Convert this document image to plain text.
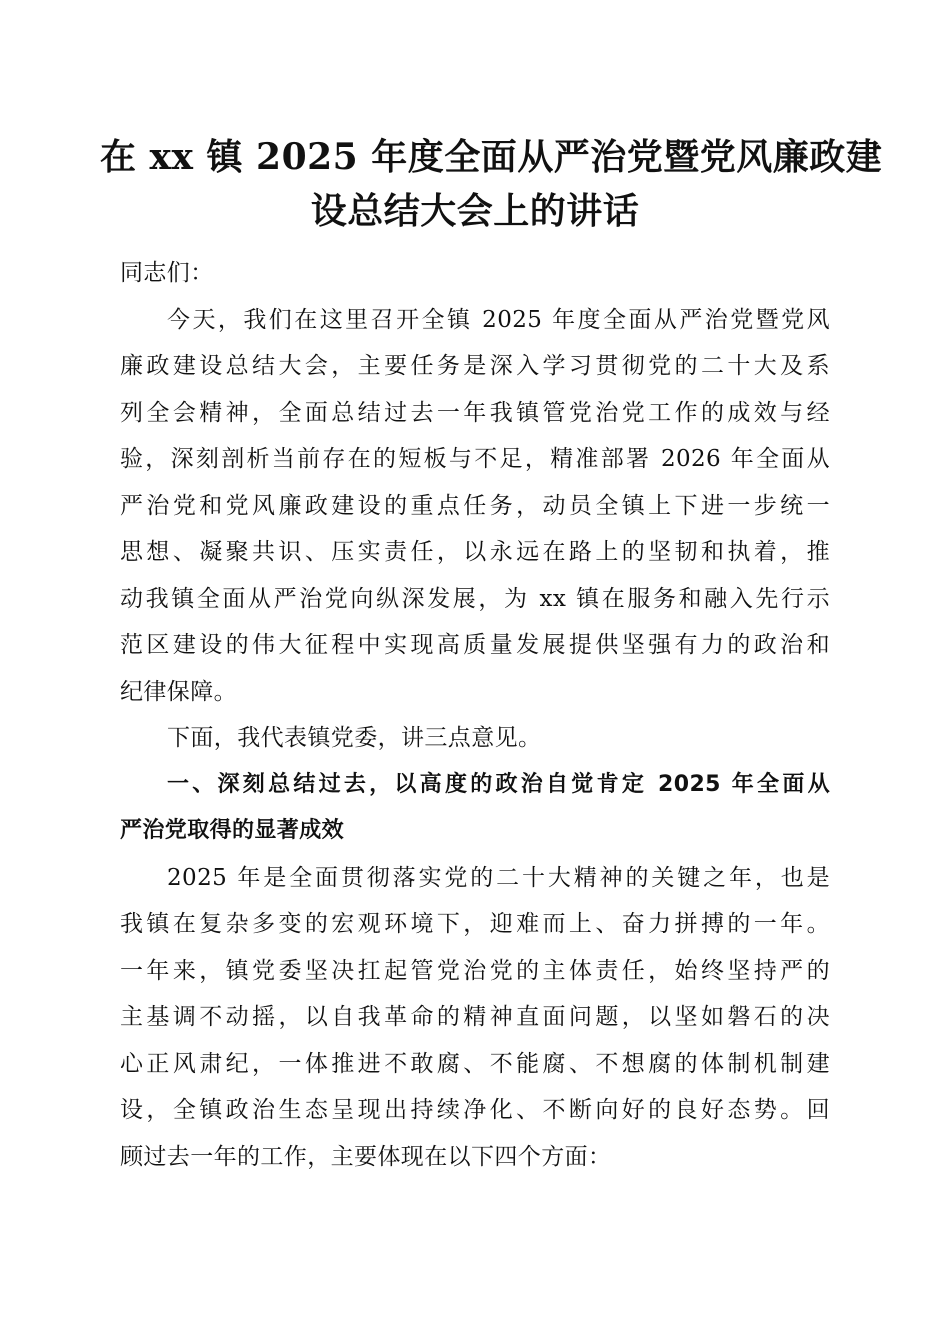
在 xx 镇 2025 年度全面从严治党暨党风廉政建
设总结大会上的讲话
同志们：
今天，我们在这里召开全镇 2025 年度全面从严治党暨党风
廉政建设总结大会，主要任务是深入学习贯彻党的二十大及系
列全会精神，全面总结过去一年我镇管党治党工作的成效与经
验，深刻剖析当前存在的短板与不足，精准部署 2026 年全面从
严治党和党风廉政建设的重点任务，动员全镇上下进一步统一
思想、凝聚共识、压实责任，以永远在路上的坚韧和执着，推
动我镇全面从严治党向纵深发展，为 xx 镇在服务和融入先行示
范区建设的伟大征程中实现高质量发展提供坚强有力的政治和
纪律保障。
下面，我代表镇党委，讲三点意见。
一、深刻总结过去，以高度的政治自觉肯定 2025 年全面从
严治党取得的显著成效
2025 年是全面贯彻落实党的二十大精神的关键之年，也是
我镇在复杂多变的宏观环境下，迎难而上、奋力拼搏的一年。
一年来，镇党委坚决扛起管党治党的主体责任，始终坚持严的
主基调不动摇，以自我革命的精神直面问题，以坚如磐石的决
心正风肃纪，一体推进不敢腐、不能腐、不想腐的体制机制建
设，全镇政治生态呈现出持续净化、不断向好的良好态势。回
顾过去一年的工作，主要体现在以下四个方面：
